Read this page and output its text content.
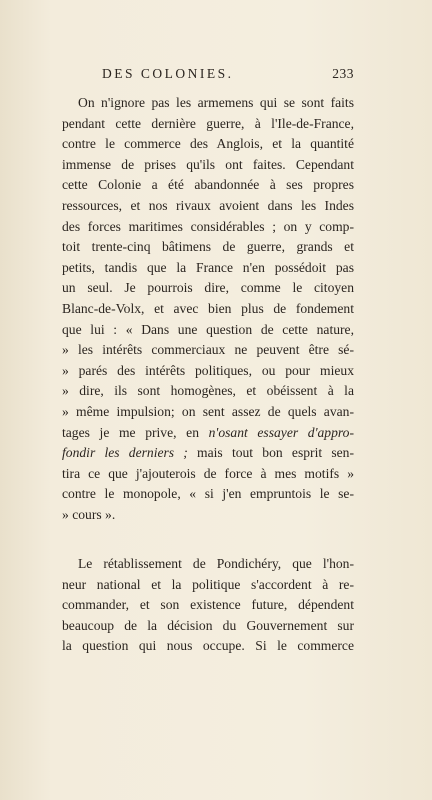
DES COLONIES.	233
On n'ignore pas les armemens qui se sont faits
pendant cette dernière guerre, à l'Ile-de-France,
contre le commerce des Anglois, et la quantité
immense de prises qu'ils ont faites. Cependant
cette Colonie a été abandonnée à ses propres
ressources, et nos rivaux avoient dans les Indes
des forces maritimes considérables ; on y comp-
toit trente-cinq bâtimens de guerre, grands et
petits, tandis que la France n'en possédoit pas
un seul. Je pourrois dire, comme le citoyen
Blanc-de-Volx, et avec bien plus de fondement
que lui : « Dans une question de cette nature,
» les intérêts commerciaux ne peuvent être sé-
» parés des intérêts politiques, ou pour mieux
» dire, ils sont homogènes, et obéissent à la
» même impulsion; on sent assez de quels avan-
tages je me prive, en n'osant essayer d'appro-
fondir les derniers ; mais tout bon esprit sen-
tira ce que j'ajouterois de force à mes motifs »
contre le monopole, « si j'en empruntois le se-
» cours ».
Le rétablissement de Pondichéry, que l'hon-
neur national et la politique s'accordent à re-
commander, et son existence future, dépendent
beaucoup de la décision du Gouvernement sur
la question qui nous occupe. Si le commerce
